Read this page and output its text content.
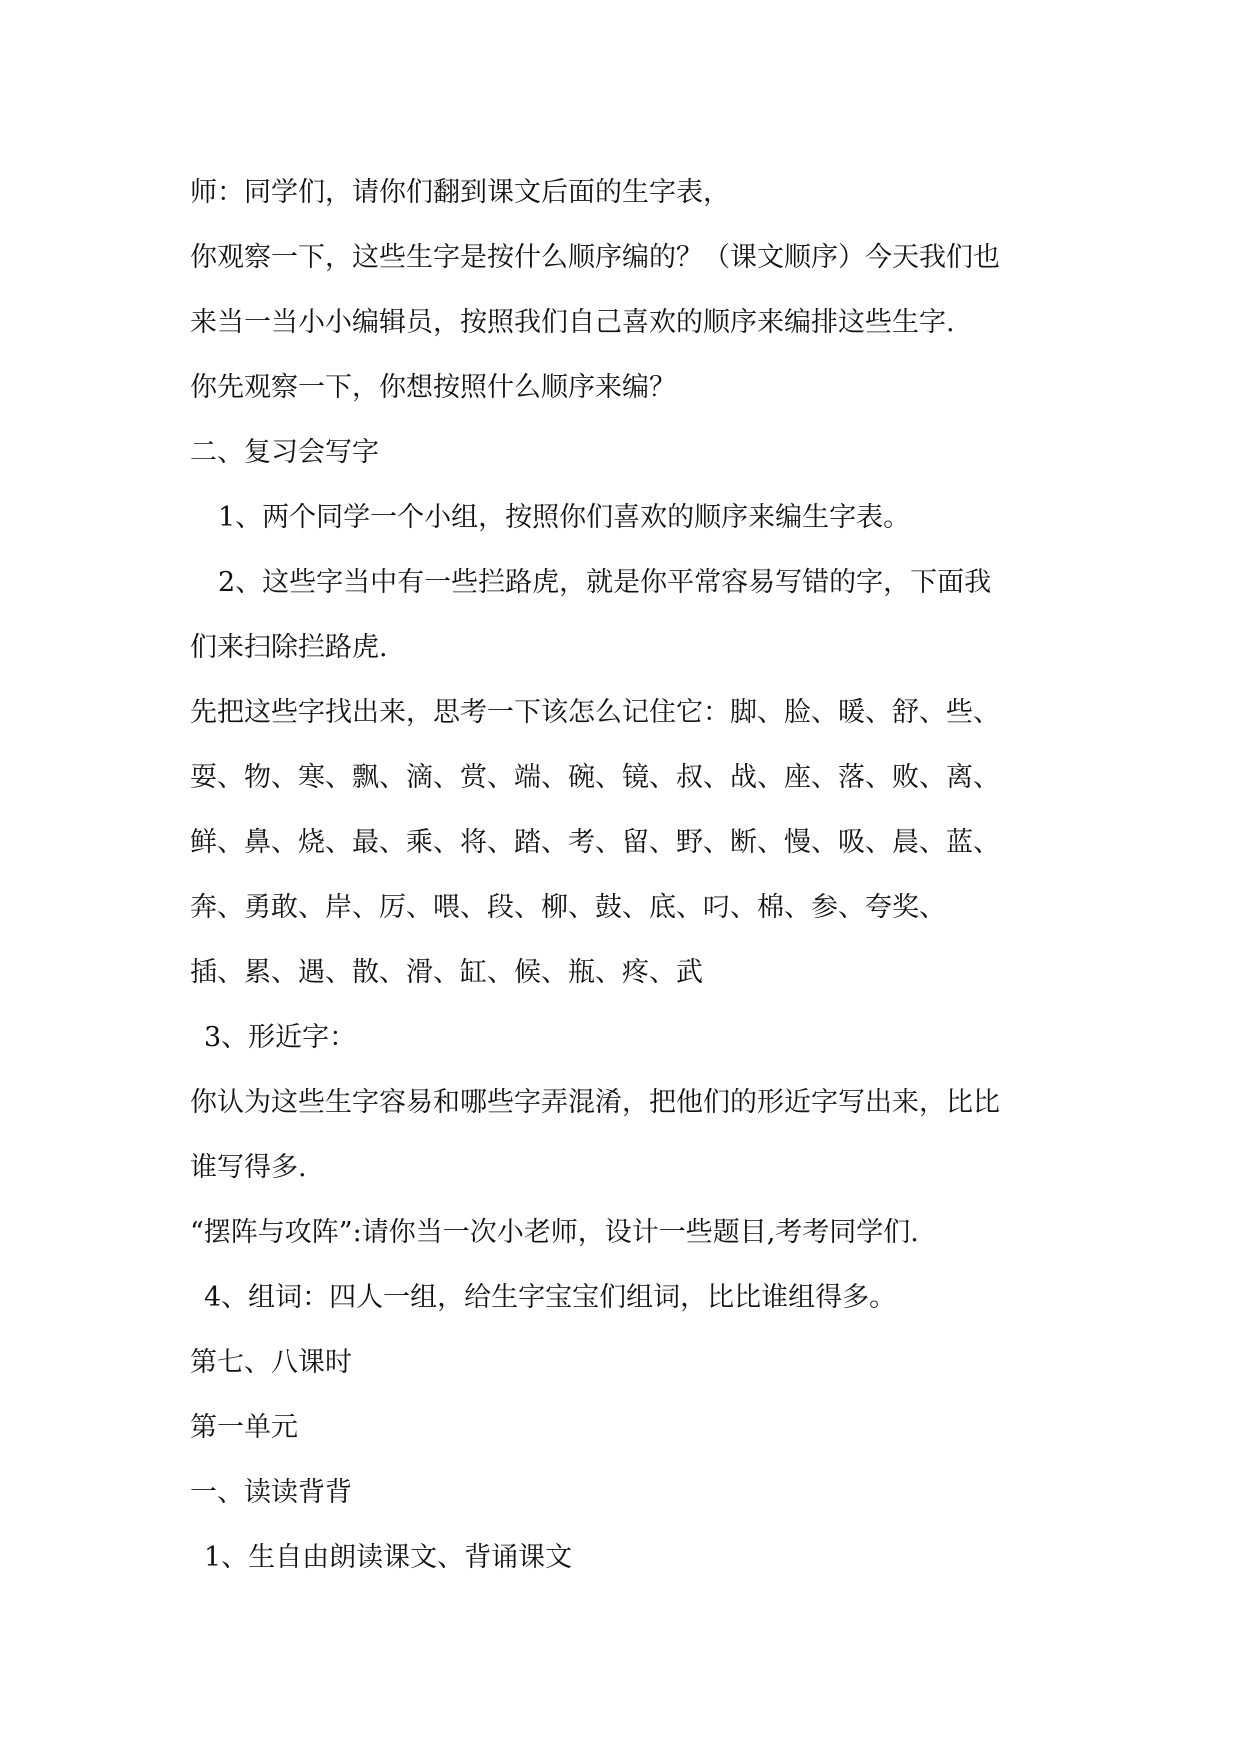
师：同学们，请你们翻到课文后面的生字表，
你观察一下，这些生字是按什么顺序编的？（课文顺序）今天我们也
来当一当小小编辑员，按照我们自己喜欢的顺序来编排这些生字.
你先观察一下，你想按照什么顺序来编？
二、复习会写字
1、两个同学一个小组，按照你们喜欢的顺序来编生字表。
2、这些字当中有一些拦路虎，就是你平常容易写错的字，下面我
们来扫除拦路虎.
先把这些字找出来，思考一下该怎么记住它：脚、脸、暖、舒、些、
耍、物、寒、飘、滴、赏、端、碗、镜、叔、战、座、落、败、离、
鲜、鼻、烧、最、乘、将、踏、考、留、野、断、慢、吸、晨、蓝、
奔、勇敢、岸、厉、喂、段、柳、鼓、底、叼、棉、参、夸奖、
插、累、遇、散、滑、缸、候、瓶、疼、武
3、形近字：
你认为这些生字容易和哪些字弄混淆，把他们的形近字写出来，比比
谁写得多.
“摆阵与攻阵”:请你当一次小老师，设计一些题目,考考同学们.
4、组词：四人一组，给生字宝宝们组词，比比谁组得多。
第七、八课时
第一单元
一、读读背背
1、生自由朗读课文、背诵课文
